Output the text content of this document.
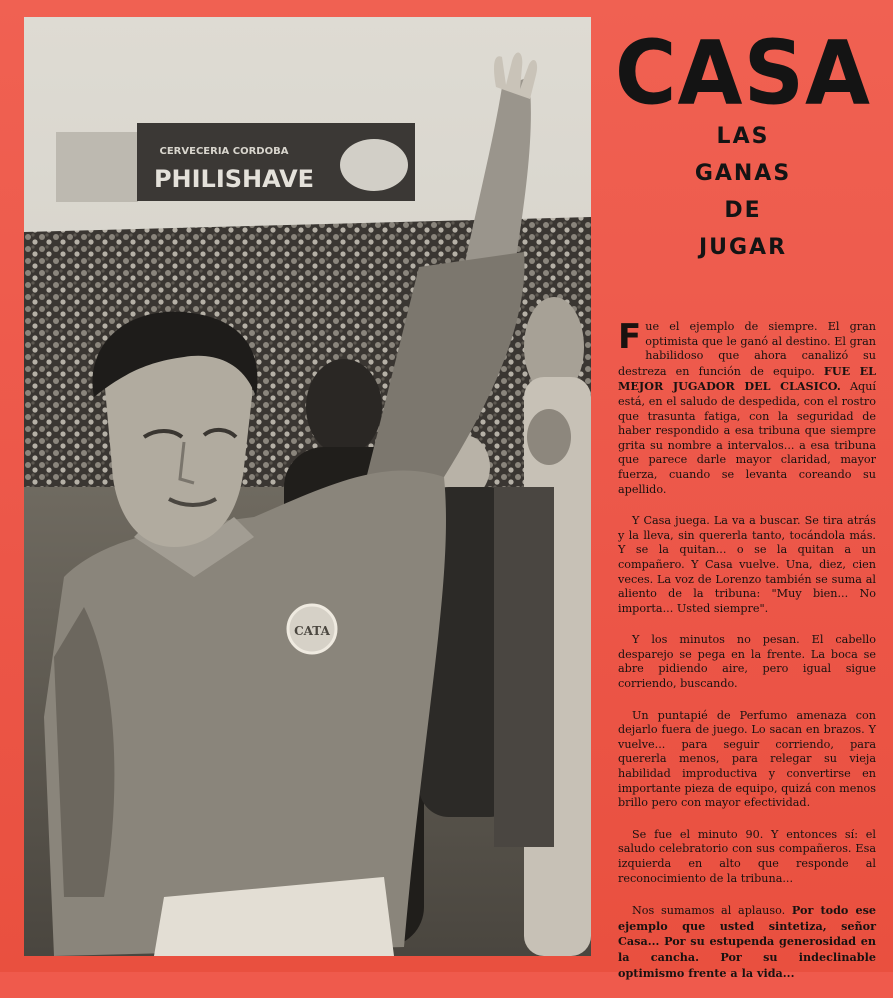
CERVECERIA CORDOBA
PHILISHAVE
CATA
CASA
LAS
GANAS
DE
JUGAR

Fue el ejemplo de siempre. El gran optimista que le ganó al destino. El gran habilidoso que ahora canalizó su destreza en función de equipo. FUE EL MEJOR JUGADOR DEL CLASICO. Aquí está, en el saludo de despedida, con el rostro que trasunta fatiga, con la seguridad de haber respondido a esa tribuna que siempre grita su nombre a intervalos... a esa tribuna que parece darle mayor claridad, mayor fuerza, cuando se levanta coreando su apellido.

Y Casa juega. La va a buscar. Se tira atrás y la lleva, sin quererla tanto, tocándola más. Y se la quitan... o se la quitan a un compañero. Y Casa vuelve. Una, diez, cien veces. La voz de Lorenzo también se suma al aliento de la tribuna: "Muy bien... No importa... Usted siempre".

Y los minutos no pesan. El cabello desparejo se pega en la frente. La boca se abre pidiendo aire, pero igual sigue corriendo, buscando.

Un puntapié de Perfumo amenaza con dejarlo fuera de juego. Lo sacan en brazos. Y vuelve... para seguir corriendo, para quererla menos, para relegar su vieja habilidad improductiva y convertirse en importante pieza de equipo, quizá con menos brillo pero con mayor efectividad.

Se fue el minuto 90. Y entonces sí: el saludo celebratorio con sus compañeros. Esa izquierda en alto que responde al reconocimiento de la tribuna...

Nos sumamos al aplauso. Por todo ese ejemplo que usted sintetiza, señor Casa... Por su estupenda generosidad en la cancha. Por su indeclinable optimismo frente a la vida...
